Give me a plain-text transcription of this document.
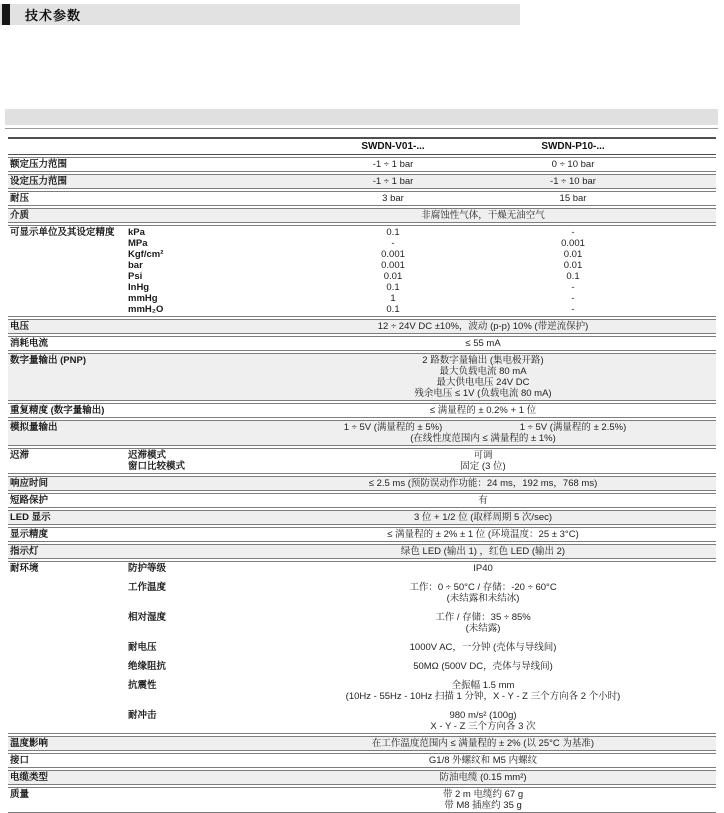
技术参数
SWDN-V01-...	SWDN-P10-...
额定压力范围	-1 ÷ 1 bar	0 ÷ 10 bar
设定压力范围	-1 ÷ 1 bar	-1 ÷ 10 bar
耐压	3 bar	15 bar
介质	非腐蚀性气体，干燥无油空气
可显示单位及其设定精度	kPa	0.1	-
MPa	-	0.001
Kgf/cm²	0.001	0.01
bar	0.001	0.01
Psi	0.01	0.1
InHg	0.1	-
mmHg	1	-
mmH₂O	0.1	-
电压	12 ÷ 24V DC ±10%，波动 (p-p) 10% (带逆流保护)
消耗电流	≤ 55 mA
数字量输出 (PNP)	2 路数字量输出 (集电极开路)
最大负载电流 80 mA
最大供电电压 24V DC
残余电压 ≤ 1V (负载电流 80 mA)
重复精度 (数字量输出)	≤ 满量程的 ± 0.2% + 1 位
模拟量输出	1 ÷ 5V (满量程的 ± 5%)	1 ÷ 5V (满量程的 ± 2.5%)
(在线性度范围内 ≤ 满量程的 ± 1%)
迟滞	迟滞模式	可调
窗口比较模式	固定 (3 位)
响应时间	≤ 2.5 ms (预防误动作功能：24 ms，192 ms，768 ms)
短路保护	有
LED 显示	3 位 + 1/2 位 (取样周期 5 次/sec)
显示精度	≤ 满量程的 ± 2% ± 1 位 (环境温度：25 ± 3°C)
指示灯	绿色 LED (输出 1) ，红色 LED (输出 2)
耐环境	防护等级	IP40
工作温度	工作：0 ÷ 50°C / 存储：-20 ÷ 60°C
(未结露和未结冰)
相对湿度	工作 / 存储：35 ÷ 85%
(未结露)
耐电压	1000V AC，一分钟 (壳体与导线间)
绝缘阻抗	50MΩ (500V DC，壳体与导线间)
抗震性	全振幅 1.5 mm
(10Hz - 55Hz - 10Hz 扫描 1 分钟，X - Y - Z 三个方向各 2 个小时)
耐冲击	980 m/s² (100g)
X - Y - Z 三个方向各 3 次
温度影响	在工作温度范围内 ≤ 满量程的 ± 2% (以 25°C 为基准)
接口	G1/8 外螺纹和 M5 内螺纹
电缆类型	防油电缆 (0.15 mm²)
质量	带 2 m 电缆约 67 g
带 M8 插座约 35 g
